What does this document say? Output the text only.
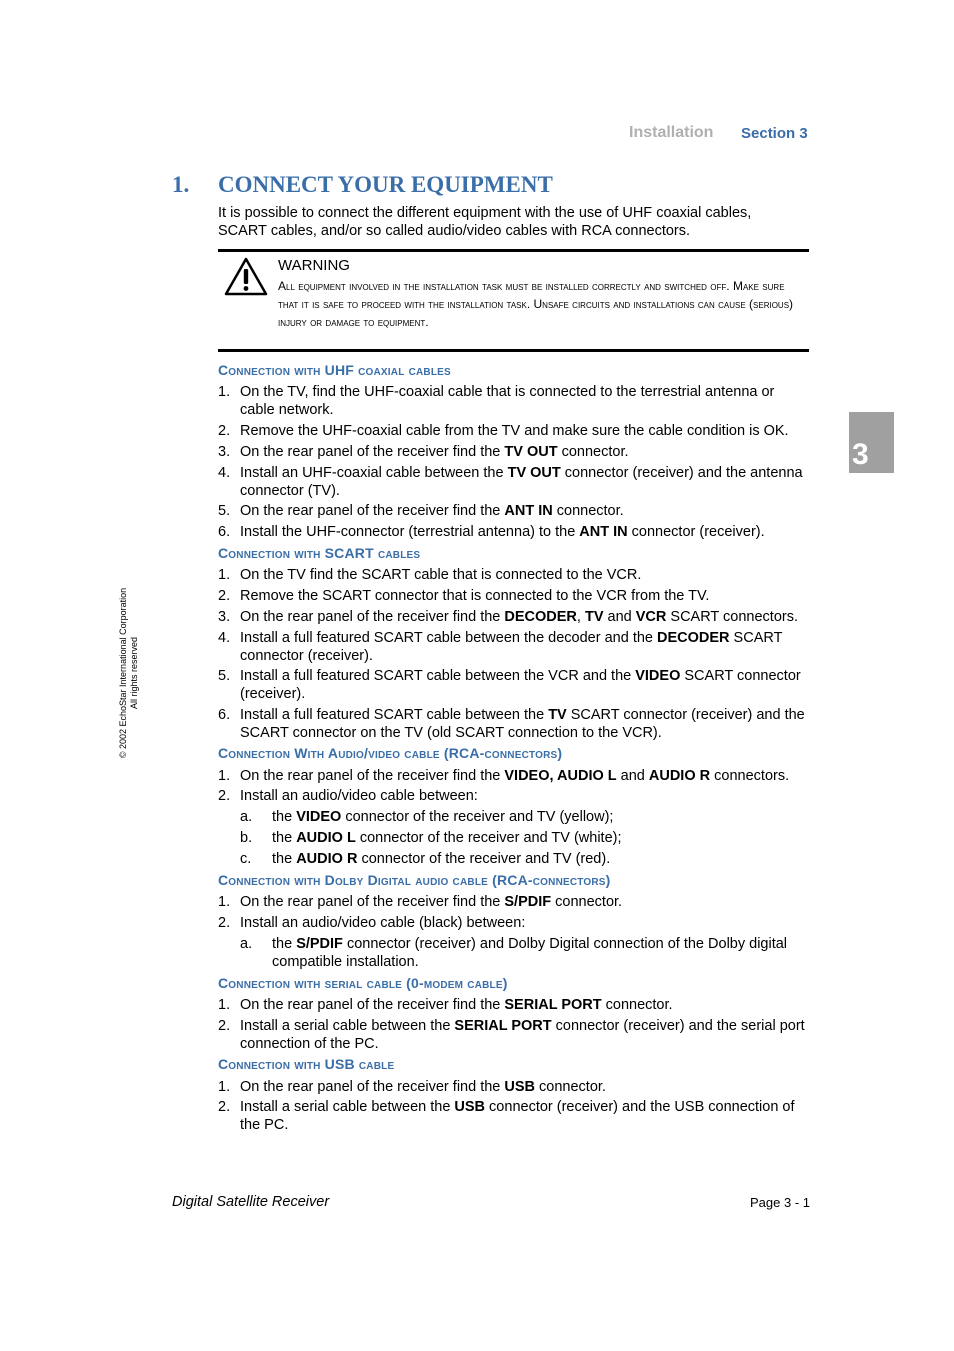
Installation Section 3
1. CONNECT YOUR EQUIPMENT
It is possible to connect the different equipment with the use of UHF coaxial cables, SCART cables, and/or so called audio/video cables with RCA connectors.
WARNING
All equipment involved in the installation task must be installed correctly and switched off. Make sure that it is safe to proceed with the installation task. Unsafe circuits and installations can cause (serious) injury or damage to equipment.
Connection with UHF coaxial cables
1. On the TV, find the UHF-coaxial cable that is connected to the terrestrial antenna or cable network.
2. Remove the UHF-coaxial cable from the TV and make sure the cable condition is OK.
3. On the rear panel of the receiver find the TV OUT connector.
4. Install an UHF-coaxial cable between the TV OUT connector (receiver) and the antenna connector (TV).
5. On the rear panel of the receiver find the ANT IN connector.
6. Install the UHF-connector (terrestrial antenna) to the ANT IN connector (receiver).
Connection with SCART cables
1. On the TV find the SCART cable that is connected to the VCR.
2. Remove the SCART connector that is connected to the VCR from the TV.
3. On the rear panel of the receiver find the DECODER, TV and VCR SCART connectors.
4. Install a full featured SCART cable between the decoder and the DECODER SCART connector (receiver).
5. Install a full featured SCART cable between the VCR and the VIDEO SCART connector (receiver).
6. Install a full featured SCART cable between the TV SCART connector (receiver) and the SCART connector on the TV (old SCART connection to the VCR).
Connection With Audio/video cable (RCA-connectors)
1. On the rear panel of the receiver find the VIDEO, AUDIO L and AUDIO R connectors.
2. Install an audio/video cable between:
a. the VIDEO connector of the receiver and TV (yellow);
b. the AUDIO L connector of the receiver and TV (white);
c. the AUDIO R connector of the receiver and TV (red).
Connection with Dolby Digital audio cable (RCA-connectors)
1. On the rear panel of the receiver find the S/PDIF connector.
2. Install an audio/video cable (black) between:
a. the S/PDIF connector (receiver) and Dolby Digital connection of the Dolby digital compatible installation.
Connection with serial cable (0-modem cable)
1. On the rear panel of the receiver find the SERIAL PORT connector.
2. Install a serial cable between the SERIAL PORT connector (receiver) and the serial port connection of the PC.
Connection with USB cable
1. On the rear panel of the receiver find the USB connector.
2. Install a serial cable between the USB connector (receiver) and the USB connection of the PC.
3
© 2002 EchoStar International Corporation All rights reserved
Digital Satellite Receiver	Page 3 - 1
